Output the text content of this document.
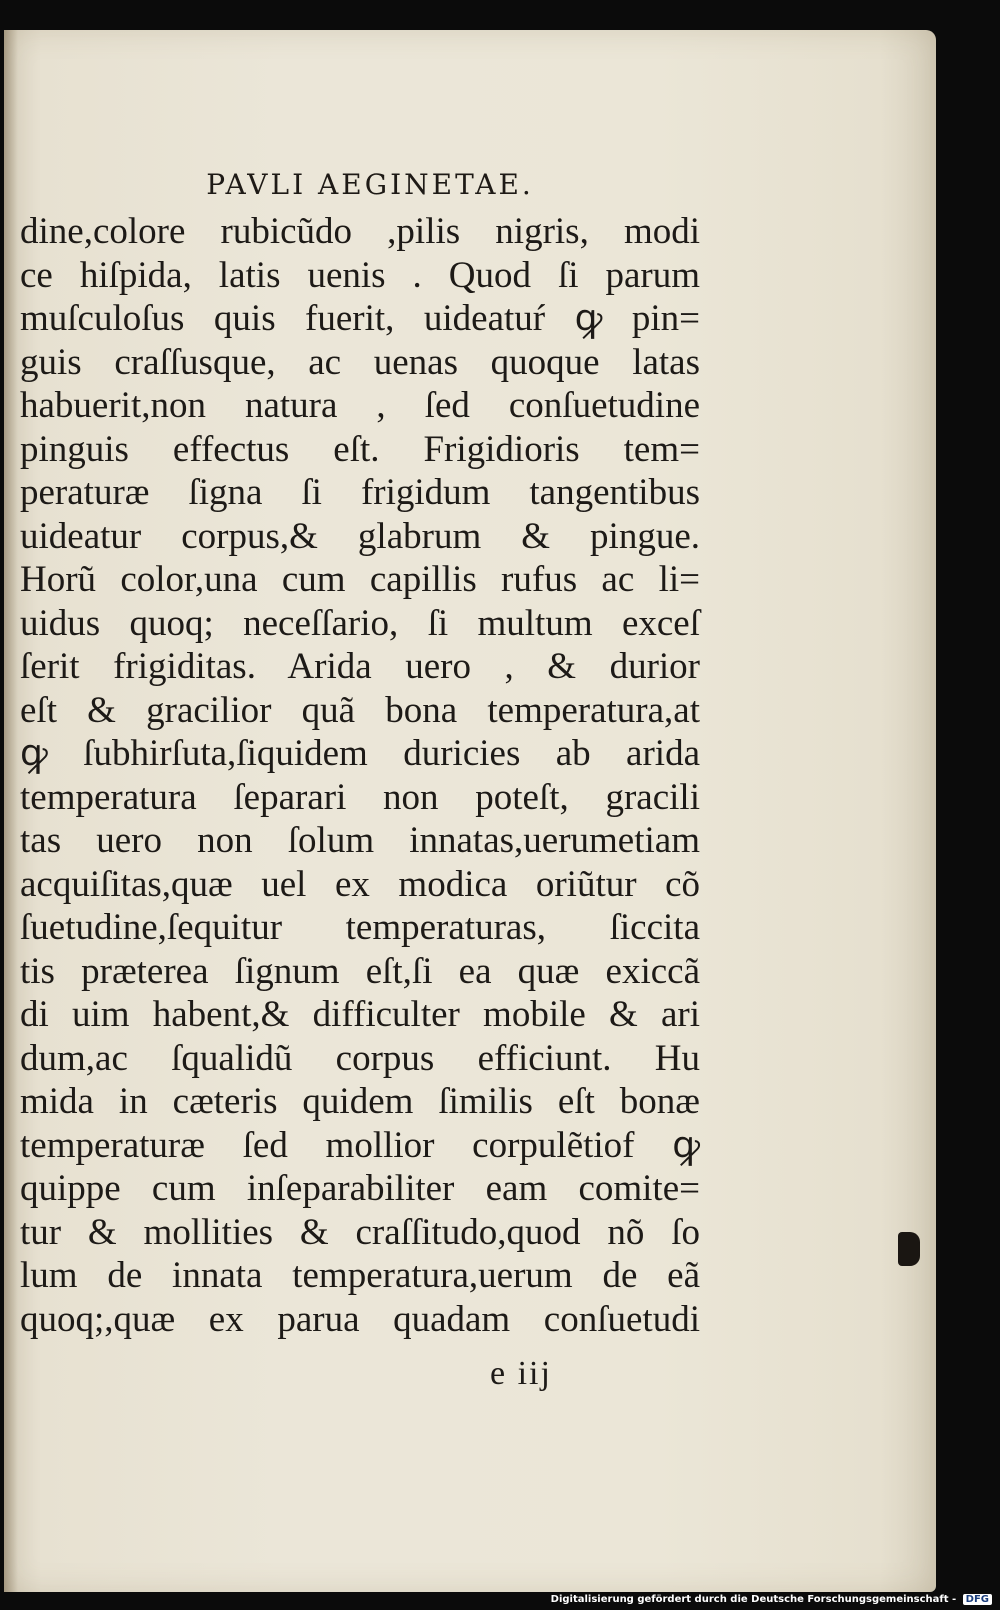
PAVLI AEGINETAE.
dine,colore rubicũdo ,pilis nigris, modi
ce hiſpida, latis uenis . Quod ſi parum
muſculoſus quis fuerit, uideatuŕ ꝙ pin=
guis craſſusque, ac uenas quoque latas
habuerit,non natura , ſed conſuetudine
pinguis effectus eſt. Frigidioris tem=
peraturæ ſigna ſi frigidum tangentibus
uideatur corpus,& glabrum & pingue.
Horũ color,una cum capillis rufus ac li=
uidus quoq; neceſſario, ſi multum exceſ
ſerit frigiditas. Arida uero , & durior
eſt & gracilior quã bona temperatura,at
ꝙ ſubhirſuta,ſiquidem duricies ab arida
temperatura ſeparari non poteſt, gracili
tas uero non ſolum innatas,uerumetiam
acquiſitas,quæ uel ex modica oriũtur cõ
ſuetudine,ſequitur temperaturas, ſiccita
tis præterea ſignum eſt,ſi ea quæ exiccã
di uim habent,& difficulter mobile & ari
dum,ac ſqualidũ corpus efficiunt. Hu
mida in cæteris quidem ſimilis eſt bonæ
temperaturæ ſed mollior corpulẽtiof ꝙ
quippe cum inſeparabiliter eam comite=
tur & mollities & craſſitudo,quod nõ ſo
lum de innata temperatura,uerum de eã
quoq;,quæ ex parua quadam conſuetudi
e iij
Digitalisierung gefördert durch die Deutsche Forschungsgemeinschaft - DFG
